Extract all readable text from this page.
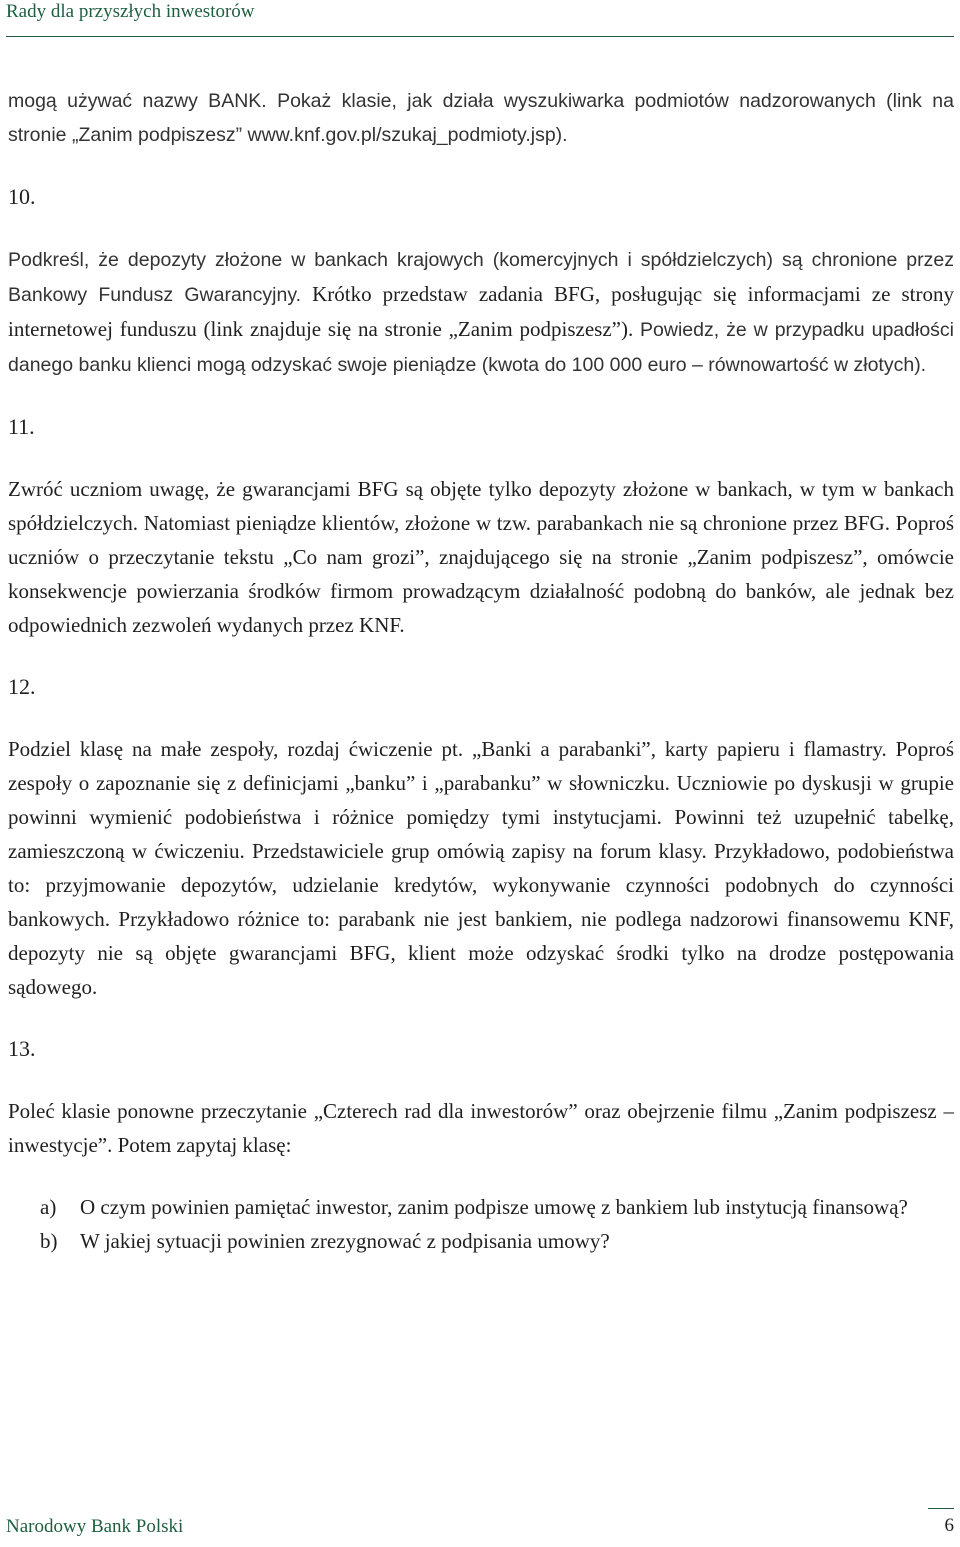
Rady dla przyszłych inwestorów

mogą używać nazwy BANK. Pokaż klasie, jak działa wyszukiwarka podmiotów nadzorowanych (link na stronie „Zanim podpiszesz” www.knf.gov.pl/szukaj_podmioty.jsp).

10.

Podkreśl, że depozyty złożone w bankach krajowych (komercyjnych i spółdzielczych) są chronione przez Bankowy Fundusz Gwarancyjny. Krótko przedstaw zadania BFG, posługując się informacjami ze strony internetowej funduszu (link znajduje się na stronie „Zanim podpiszesz”). Powiedz, że w przypadku upadłości danego banku klienci mogą odzyskać swoje pieniądze (kwota do 100 000 euro – równowartość w złotych).

11.

Zwróć uczniom uwagę, że gwarancjami BFG są objęte tylko depozyty złożone w bankach, w tym w bankach spółdzielczych. Natomiast pieniądze klientów, złożone w tzw. parabankach nie są chronione przez BFG. Poproś uczniów o przeczytanie tekstu „Co nam grozi”, znajdującego się na stronie „Zanim podpiszesz”, omówcie konsekwencje powierzania środków firmom prowadzącym działalność podobną do banków, ale jednak bez odpowiednich zezwoleń wydanych przez KNF.

12.

Podziel klasę na małe zespoły, rozdaj ćwiczenie pt. „Banki a parabanki”, karty papieru i flamastry. Poproś zespoły o zapoznanie się z definicjami „banku” i „parabanku” w słowniczku. Uczniowie po dyskusji w grupie powinni wymienić podobieństwa i różnice pomiędzy tymi instytucjami. Powinni też uzupełnić tabelkę, zamieszczoną w ćwiczeniu. Przedstawiciele grup omówią zapisy na forum klasy. Przykładowo, podobieństwa to: przyjmowanie depozytów, udzielanie kredytów, wykonywanie czynności podobnych do czynności bankowych. Przykładowo różnice to: parabank nie jest bankiem, nie podlega nadzorowi finansowemu KNF, depozyty nie są objęte gwarancjami BFG, klient może odzyskać środki tylko na drodze postępowania sądowego.

13.

Poleć klasie ponowne przeczytanie „Czterech rad dla inwestorów” oraz obejrzenie filmu „Zanim podpiszesz – inwestycje”. Potem zapytaj klasę:

a) O czym powinien pamiętać inwestor, zanim podpisze umowę z bankiem lub instytucją finansową?
b) W jakiej sytuacji powinien zrezygnować z podpisania umowy?
Narodowy Bank Polski	6
